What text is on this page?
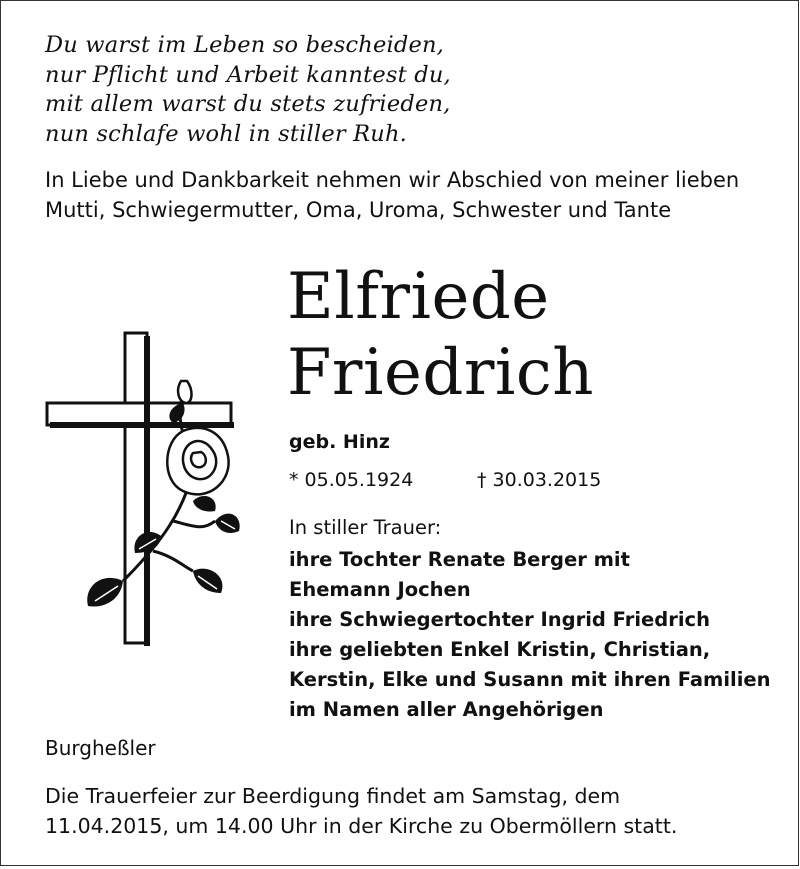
Du warst im Leben so bescheiden,
nur Pflicht und Arbeit kanntest du,
mit allem warst du stets zufrieden,
nun schlafe wohl in stiller Ruh.
In Liebe und Dankbarkeit nehmen wir Abschied von meiner lieben
Mutti, Schwiegermutter, Oma, Uroma, Schwester und Tante
Elfriede
Friedrich
geb. Hinz
* 05.05.1924	† 30.03.2015
In stiller Trauer:
ihre Tochter Renate Berger mit
Ehemann Jochen
ihre Schwiegertochter Ingrid Friedrich
ihre geliebten Enkel Kristin, Christian,
Kerstin, Elke und Susann mit ihren Familien
im Namen aller Angehörigen
Burgheßler
Die Trauerfeier zur Beerdigung findet am Samstag, dem
11.04.2015, um 14.00 Uhr in der Kirche zu Obermöllern statt.
